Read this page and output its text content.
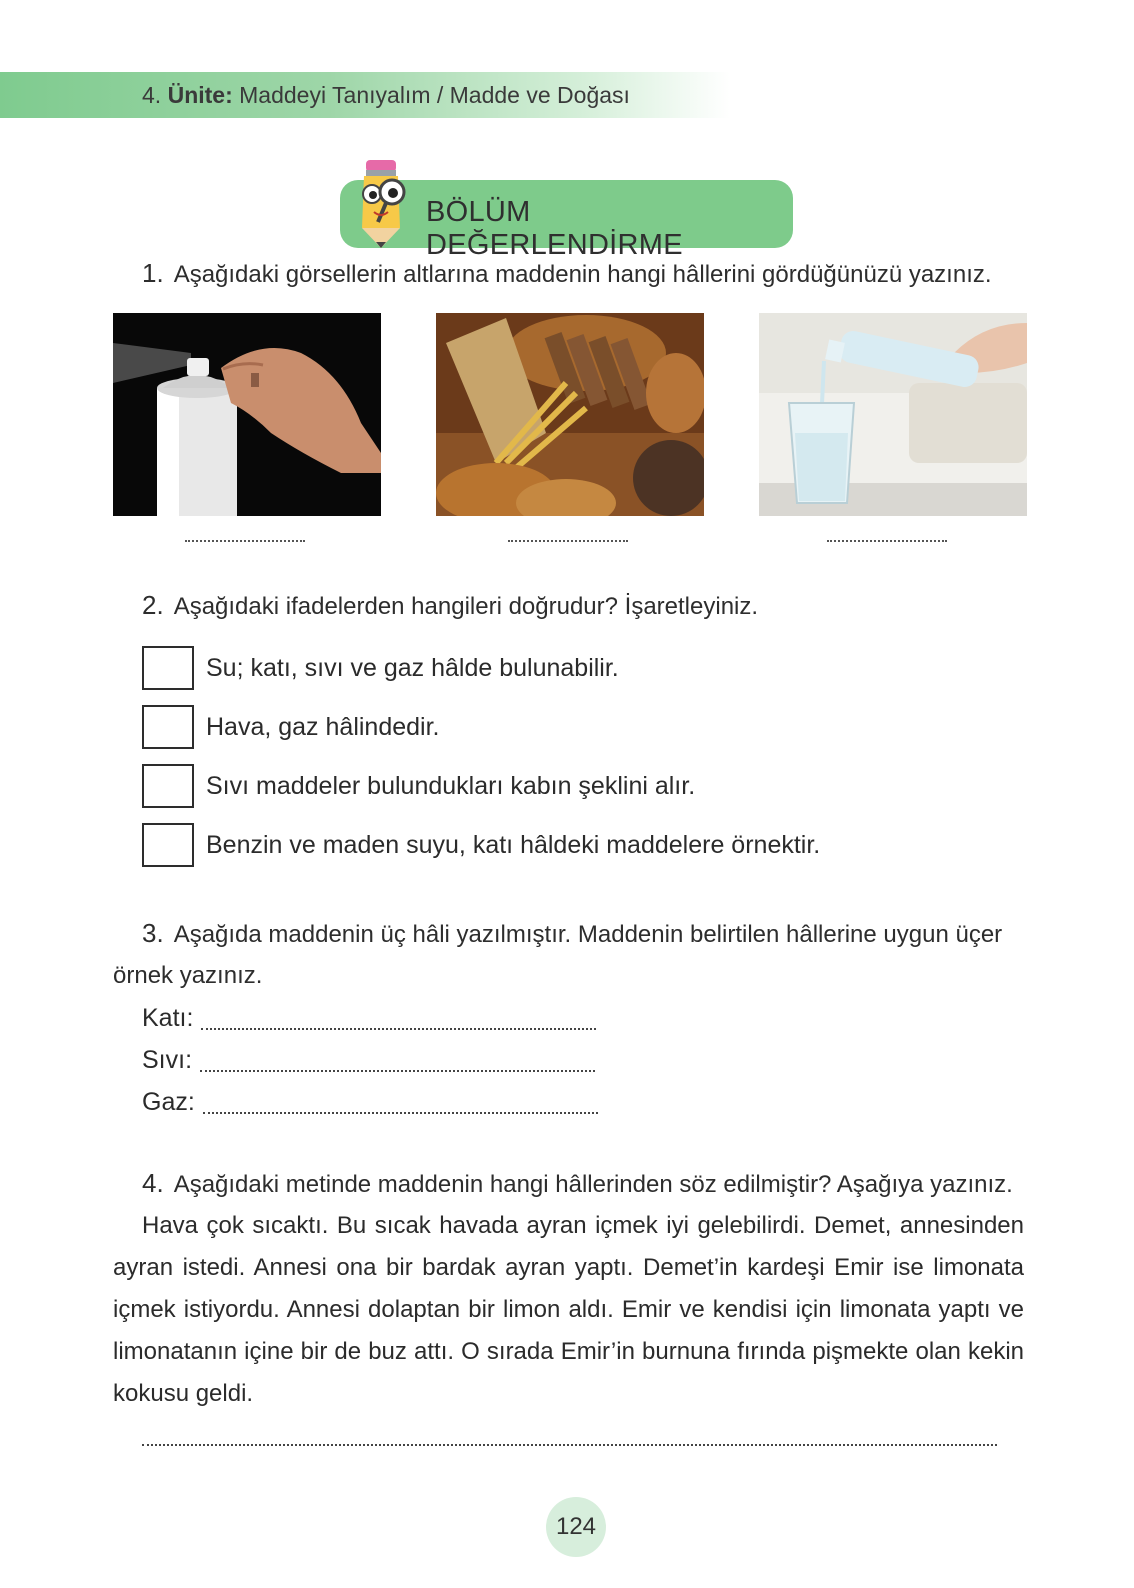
4. Ünite: Maddeyi Tanıyalım / Madde ve Doğası
BÖLÜM DEĞERLENDİRME
1. Aşağıdaki görsellerin altlarına maddenin hangi hâllerini gördüğünüzü yazınız.
2. Aşağıdaki ifadelerden hangileri doğrudur? İşaretleyiniz.
Su; katı, sıvı ve gaz hâlde bulunabilir.
Hava, gaz hâlindedir.
Sıvı maddeler bulundukları kabın şeklini alır.
Benzin ve maden suyu, katı hâldeki maddelere örnektir.
3. Aşağıda maddenin üç hâli yazılmıştır. Maddenin belirtilen hâllerine uygun üçer
örnek yazınız.
Katı:
Sıvı:
Gaz:
4. Aşağıdaki metinde maddenin hangi hâllerinden söz edilmiştir? Aşağıya yazınız.
Hava çok sıcaktı. Bu sıcak havada ayran içmek iyi gelebilirdi. Demet, annesinden ayran istedi. Annesi ona bir bardak ayran yaptı. Demet’in kardeşi Emir ise limonata içmek istiyordu. Annesi dolaptan bir limon aldı. Emir ve kendisi için limonata yaptı ve limonatanın içine bir de buz attı. O sırada Emir’in burnuna fırında pişmekte olan kekin kokusu geldi.
124
